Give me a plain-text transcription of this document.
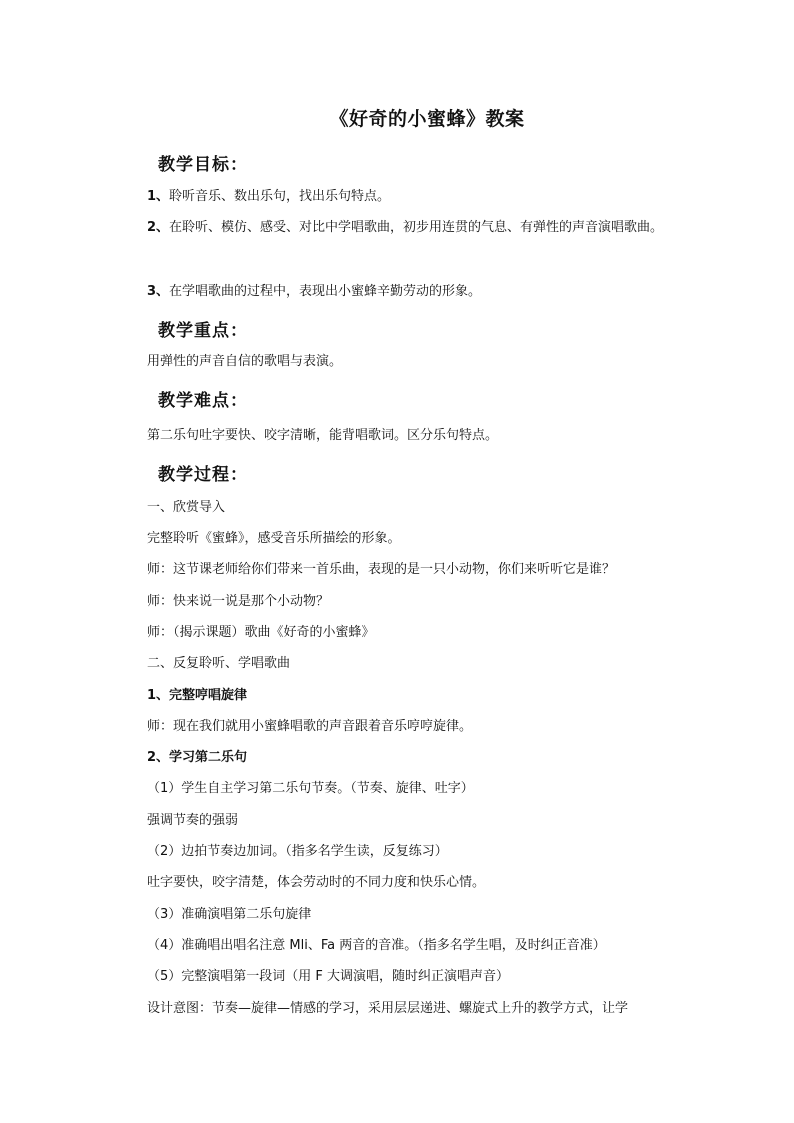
《好奇的小蜜蜂》教案
教学目标：
1、聆听音乐、数出乐句，找出乐句特点。
2、在聆听、模仿、感受、对比中学唱歌曲，初步用连贯的气息、有弹性的声音演唱歌曲。
3、在学唱歌曲的过程中，表现出小蜜蜂辛勤劳动的形象。
教学重点：
用弹性的声音自信的歌唱与表演。
教学难点：
第二乐句吐字要快、咬字清晰，能背唱歌词。区分乐句特点。
教学过程：
一、欣赏导入
完整聆听《蜜蜂》，感受音乐所描绘的形象。
师：这节课老师给你们带来一首乐曲，表现的是一只小动物，你们来听听它是谁？
师：快来说一说是那个小动物？
师：（揭示课题）歌曲《好奇的小蜜蜂》
二、反复聆听、学唱歌曲
1、完整哼唱旋律
师：现在我们就用小蜜蜂唱歌的声音跟着音乐哼哼旋律。
2、学习第二乐句
（1）学生自主学习第二乐句节奏。（节奏、旋律、吐字）
强调节奏的强弱
（2）边拍节奏边加词。（指多名学生读，反复练习）
吐字要快，咬字清楚，体会劳动时的不同力度和快乐心情。
（3）准确演唱第二乐句旋律
（4）准确唱出唱名注意 Mli、Fa 两音的音准。（指多名学生唱，及时纠正音准）
（5）完整演唱第一段词（用 F 大调演唱，随时纠正演唱声音）
设计意图：节奏—旋律—情感的学习，采用层层递进、螺旋式上升的教学方式，让学
